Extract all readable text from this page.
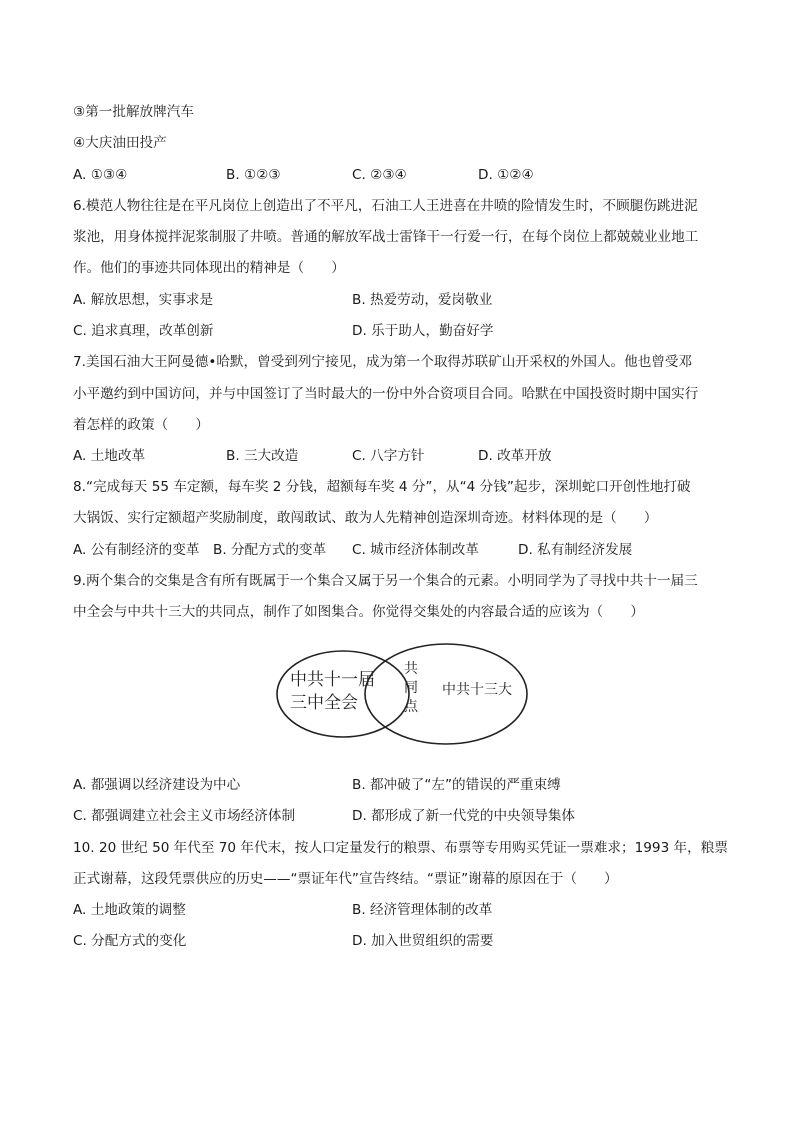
③第一批解放牌汽车
④大庆油田投产
A. ①③④	B. ①②③	C. ②③④	D. ①②④
6.模范人物往往是在平凡岗位上创造出了不平凡，石油工人王进喜在井喷的险情发生时，不顾腿伤跳进泥
浆池，用身体搅拌泥浆制服了井喷。普通的解放军战士雷锋干一行爱一行，在每个岗位上都兢兢业业地工
作。他们的事迹共同体现出的精神是（　　）
A. 解放思想，实事求是	B. 热爱劳动，爱岗敬业
C. 追求真理，改革创新	D. 乐于助人，勤奋好学
7.美国石油大王阿曼德•哈默，曾受到列宁接见，成为第一个取得苏联矿山开采权的外国人。他也曾受邓
小平邀约到中国访问，并与中国签订了当时最大的一份中外合资项目合同。哈默在中国投资时期中国实行
着怎样的政策（　　）
A. 土地改革	B. 三大改造	C. 八字方针	D. 改革开放
8.“完成每天 55 车定额，每车奖 2 分钱，超额每车奖 4 分”，从“4 分钱”起步，深圳蛇口开创性地打破
大锅饭、实行定额超产奖励制度，敢闯敢试、敢为人先精神创造深圳奇迹。材料体现的是（　　）
A. 公有制经济的变革 B. 分配方式的变革 C. 城市经济体制改革	D. 私有制经济发展
9.两个集合的交集是含有所有既属于一个集合又属于另一个集合的元素。小明同学为了寻找中共十一届三
中全会与中共十三大的共同点，制作了如图集合。你觉得交集处的内容最合适的应该为（　　）
中共十一届
三中全会
共
同
点
中共十三大
A. 都强调以经济建设为中心	B. 都冲破了“左”的错误的严重束缚
C. 都强调建立社会主义市场经济体制	D. 都形成了新一代党的中央领导集体
10. 20 世纪 50 年代至 70 年代末，按人口定量发行的粮票、布票等专用购买凭证一票难求；1993 年，粮票
正式谢幕，这段凭票供应的历史——“票证年代”宣告终结。“票证”谢幕的原因在于（　　）
A. 土地政策的调整	B. 经济管理体制的改革
C. 分配方式的变化	D. 加入世贸组织的需要
